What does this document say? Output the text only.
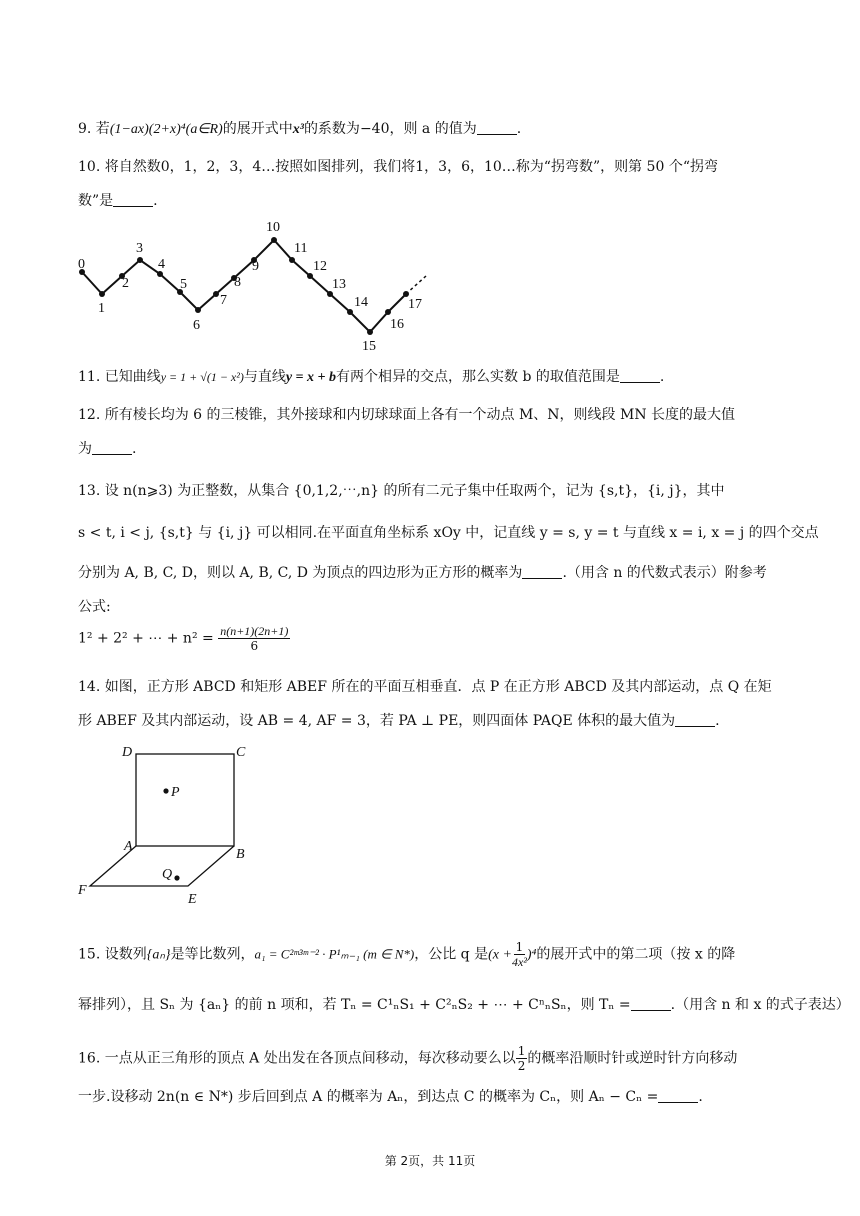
9. 若(1−ax)(2+x)⁴(a∈R)的展开式中x³的系数为−40，则 a 的值为	.
10. 将自然数0，1，2，3，4…按照如图排列，我们将1，3，6，10…称为“拐弯数”，则第 50 个“拐弯
数”是	.
0
1
2
3
4
5
6
7
8
9
10
11
12
13
14
15
16
17
11. 已知曲线y = 1 + √(1 − x²)与直线y = x + b有两个相异的交点，那么实数 b 的取值范围是	.
12. 所有棱长均为 6 的三棱锥，其外接球和内切球球面上各有一个动点 M、N，则线段 MN 长度的最大值
为	.
13. 设 n(n⩾3) 为正整数，从集合 {0,1,2,⋯,n} 的所有二元子集中任取两个，记为 {s,t}，{i, j}，其中
s < t, i < j, {s,t} 与 {i, j} 可以相同.在平面直角坐标系 xOy 中，记直线 y = s, y = t 与直线 x = i, x = j 的四个交点
分别为 A, B, C, D，则以 A, B, C, D 为顶点的四边形为正方形的概率为	.（用含 n 的代数式表示）附参考
公式:
1² + 2² + ⋯ + $n^2 = \frac{n(n+1)(2n+1)}{6}$
14. 如图，正方形 ABCD 和矩形 ABEF 所在的平面互相垂直．点 P 在正方形 ABCD 及其内部运动，点 Q 在矩
形 ABEF 及其内部运动，设 AB = 4, AF = 3，若 PA ⊥ PE，则四面体 PAQE 体积的最大值为	.
D	C
P
A
B
Q
F
E
15. 设数列{aₙ}是等比数列，a₁ = C²ᵐ³ᵐ⁻² · P¹ₘ₋₁ (m ∈ N*)，公比 q 是$(x + \frac{1}{\text{4x²}} )^4$的展开式中的第二项（按 x 的降
幂排列），且 Sₙ 为 {aₙ} 的前 n 项和，若 Tₙ = C¹ₙS₁ + C²ₙS₂ + ⋯ + CⁿₙSₙ，则 Tₙ =	.（用含 n 和 x 的式子表达）
16. 一点从正三角形的顶点 A 处出发在各顶点间移动，每次移动要么以 $\frac{1}{2}$ 的概率沿顺时针或逆时针方向移动
一步.设移动 2n(n ∈ N*) 步后回到点 A 的概率为 Aₙ，到达点 C 的概率为 Cₙ，则 Aₙ − Cₙ =	.
第 2页，共 11页
